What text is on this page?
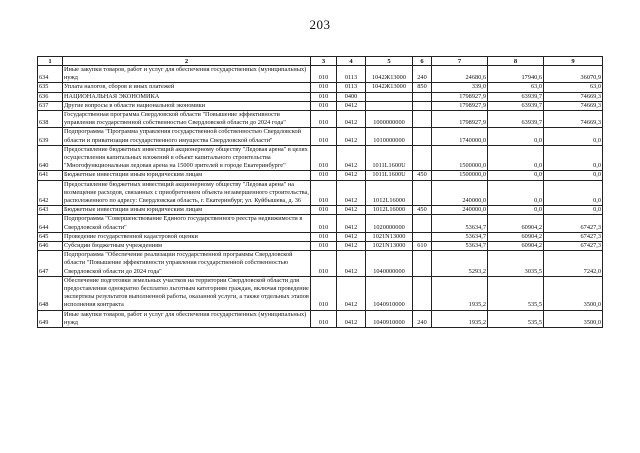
203
1	2	3	4	5	6	7	8	9
634	Иные закупки товаров, работ и услуг для обеспечения государственных (муниципальных) нужд	010	0113	1042Ж13000	240	24680,6	17940,6	36070,9
635	Уплата налогов, сборов и иных платежей	010	0113	1042Ж13000	850	339,0	63,0	63,0
636	НАЦИОНАЛЬНАЯ ЭКОНОМИКА	010	0400			1798927,9	63939,7	74669,3
637	Другие вопросы в области национальной экономики	010	0412			1798927,9	63939,7	74669,3
638	Государственная программа Свердловской области "Повышение эффективности управления государственной собственностью Свердловской области до 2024 года"	010	0412	1000000000		1798927,9	63939,7	74669,3
639	Подпрограмма "Программа управления государственной собственностью Свердловской области и приватизации государственного имущества Свердловской области"	010	0412	1010000000		1740000,0	0,0	0,0
640	Предоставление бюджетных инвестиций акционерному обществу "Ледовая арена" в целях осуществления капитальных вложений в объект капитального строительства "Многофункциональная ледовая арена на 15000 зрителей в городе Екатеринбурге"	010	0412	1011L1600U		1500000,0	0,0	0,0
641	Бюджетные инвестиции иным юридическим лицам	010	0412	1011L1600U	450	1500000,0	0,0	0,0
642	Предоставление бюджетных инвестиций акционерному обществу "Ледовая арена" на возмещение расходов, связанных с приобретением объекта незавершенного строительства, расположенного по адресу: Свердловская область, г. Екатеринбург, ул. Куйбышева, д. 36	010	0412	1012L16000		240000,0	0,0	0,0
643	Бюджетные инвестиции иным юридическим лицам	010	0412	1012L16000	450	240000,0	0,0	0,0
644	Подпрограмма "Совершенствование Единого государственного реестра недвижимости в Свердловской области"	010	0412	1020000000		53634,7	60904,2	67427,3
645	Проведение государственной кадастровой оценки	010	0412	1021N13000		53634,7	60904,2	67427,3
646	Субсидии бюджетным учреждениям	010	0412	1021N13000	610	53634,7	60904,2	67427,3
647	Подпрограмма "Обеспечение реализации государственной программы Свердловской области "Повышение эффективности управления государственной собственностью Свердловской области до 2024 года"	010	0412	1040000000		5293,2	3035,5	7242,0
648	Обеспечение подготовки земельных участков на территории Свердловской области для предоставления однократно бесплатно льготным категориям граждан, включая проведение экспертизы результатов выполненной работы, оказанной услуги, а также отдельных этапов исполнения контракта	010	0412	1040910000		1935,2	535,5	3500,0
649	Иные закупки товаров, работ и услуг для обеспечения государственных (муниципальных) нужд	010	0412	1040910000	240	1935,2	535,5	3500,0
